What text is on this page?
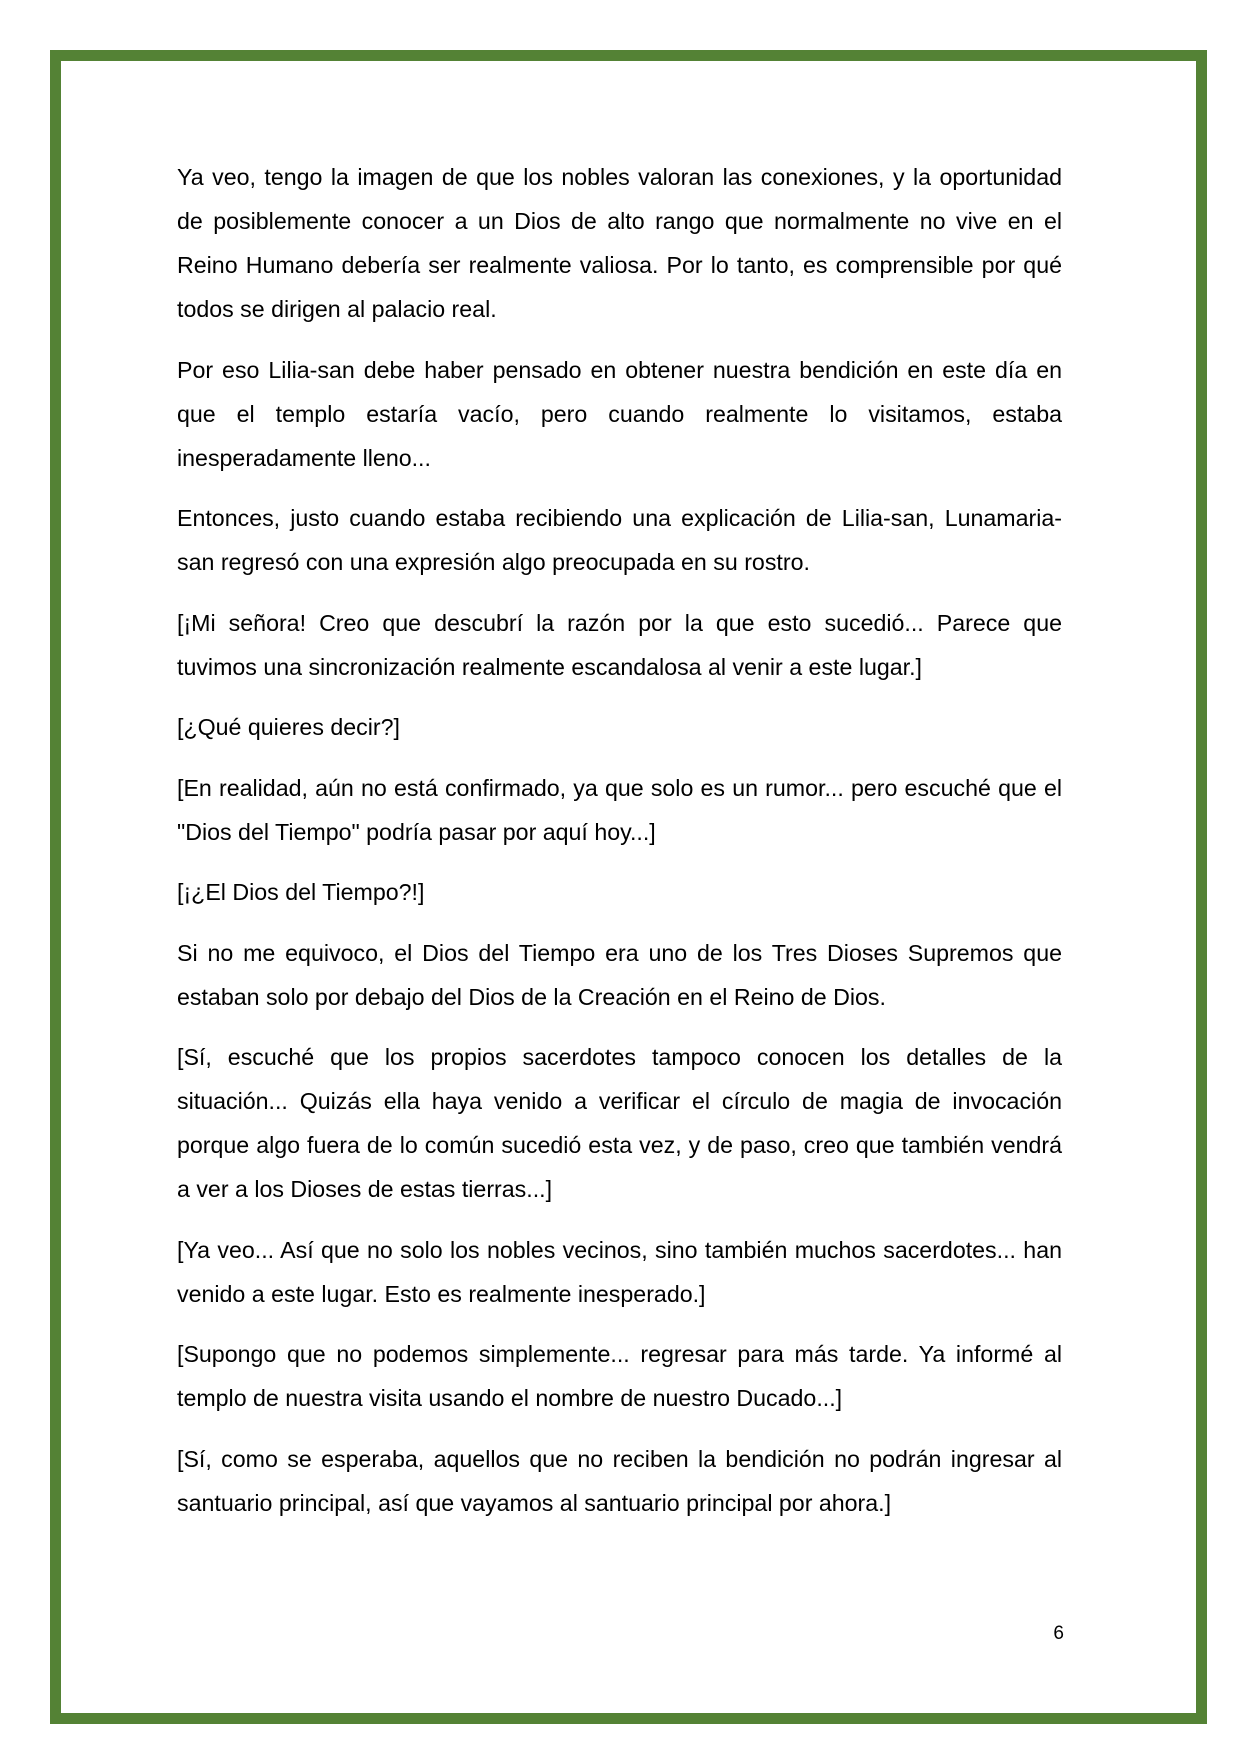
Ya veo, tengo la imagen de que los nobles valoran las conexiones, y la oportunidad de posiblemente conocer a un Dios de alto rango que normalmente no vive en el Reino Humano debería ser realmente valiosa. Por lo tanto, es comprensible por qué todos se dirigen al palacio real.

Por eso Lilia-san debe haber pensado en obtener nuestra bendición en este día en que el templo estaría vacío, pero cuando realmente lo visitamos, estaba inesperadamente lleno...

Entonces, justo cuando estaba recibiendo una explicación de Lilia-san, Lunamaria-san regresó con una expresión algo preocupada en su rostro.

[¡Mi señora! Creo que descubrí la razón por la que esto sucedió... Parece que tuvimos una sincronización realmente escandalosa al venir a este lugar.]

[¿Qué quieres decir?]

[En realidad, aún no está confirmado, ya que solo es un rumor... pero escuché que el "Dios del Tiempo" podría pasar por aquí hoy...]

[¡¿El Dios del Tiempo?!]

Si no me equivoco, el Dios del Tiempo era uno de los Tres Dioses Supremos que estaban solo por debajo del Dios de la Creación en el Reino de Dios.

[Sí, escuché que los propios sacerdotes tampoco conocen los detalles de la situación... Quizás ella haya venido a verificar el círculo de magia de invocación porque algo fuera de lo común sucedió esta vez, y de paso, creo que también vendrá a ver a los Dioses de estas tierras...]

[Ya veo... Así que no solo los nobles vecinos, sino también muchos sacerdotes... han venido a este lugar. Esto es realmente inesperado.]

[Supongo que no podemos simplemente... regresar para más tarde. Ya informé al templo de nuestra visita usando el nombre de nuestro Ducado...]

[Sí, como se esperaba, aquellos que no reciben la bendición no podrán ingresar al santuario principal, así que vayamos al santuario principal por ahora.]

6
